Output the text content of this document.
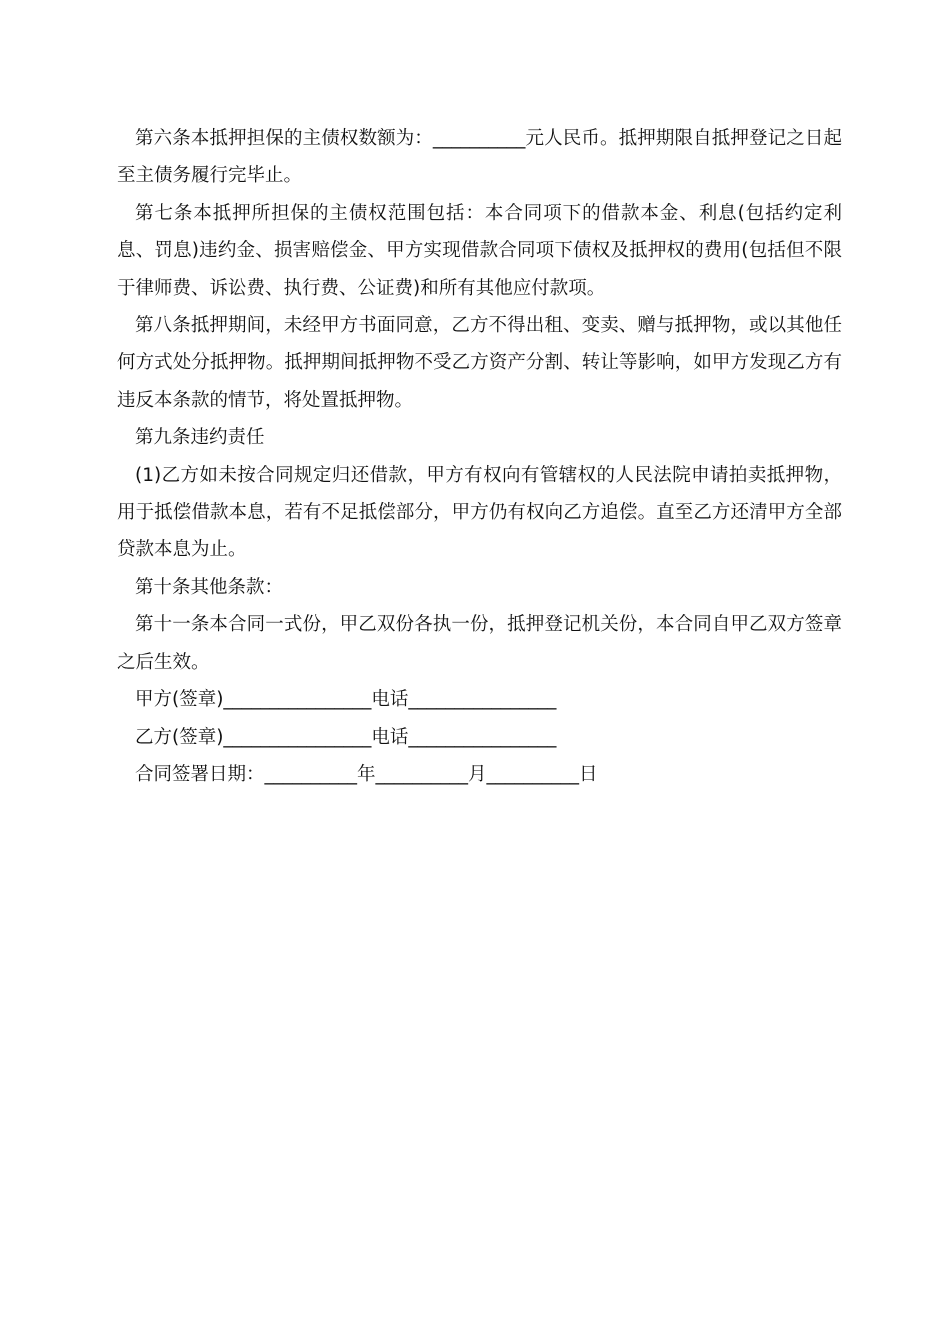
第六条本抵押担保的主债权数额为：__________元人民币。抵押期限自抵押登记之日起至主债务履行完毕止。

第七条本抵押所担保的主债权范围包括：本合同项下的借款本金、利息(包括约定利息、罚息)违约金、损害赔偿金、甲方实现借款合同项下债权及抵押权的费用(包括但不限于律师费、诉讼费、执行费、公证费)和所有其他应付款项。

第八条抵押期间，未经甲方书面同意，乙方不得出租、变卖、赠与抵押物，或以其他任何方式处分抵押物。抵押期间抵押物不受乙方资产分割、转让等影响，如甲方发现乙方有违反本条款的情节，将处置抵押物。

第九条违约责任

(1)乙方如未按合同规定归还借款，甲方有权向有管辖权的人民法院申请拍卖抵押物，用于抵偿借款本息，若有不足抵偿部分，甲方仍有权向乙方追偿。直至乙方还清甲方全部贷款本息为止。

第十条其他条款：

第十一条本合同一式份，甲乙双份各执一份，抵押登记机关份，本合同自甲乙双方签章之后生效。

甲方(签章)________________电话________________

乙方(签章)________________电话________________

合同签署日期：__________年__________月__________日
